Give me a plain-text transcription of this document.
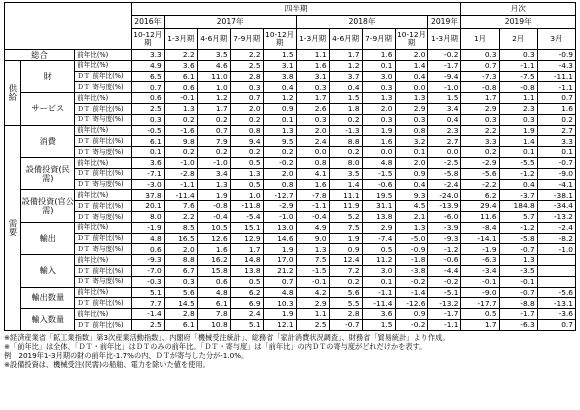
			四半期										月次		
			2016年	2017年				2018年				2019年	2019年		
			10-12月期	1-3月期	4-6月期	7-9月期	10-12月期	1-3月期	4-6月期	7-9月期	10-12月期	1-3月期	1月	2月	3月
総合		前年比(%)	3.3	2.2	3.5	2.2	1.5	1.1	1.7	1.6	2.0	-0.2	0.3	0.3	-0.9
供給	財	前年比(%)	4.9	3.6	4.6	2.5	3.1	1.6	1.2	0.1	1.4	-1.7	0.7	-1.1	-4.3
		ＤＴ 前年比(%)	6.5	6.1	11.0	2.8	3.8	3.1	3.7	3.0	0.4	-9.4	-7.3	-7.5	-11.1
		ＤＴ 寄与度(%)	0.7	0.6	1.0	0.3	0.4	0.3	0.4	0.3	0.0	-1.0	-0.8	-0.8	-1.1
	サービス	前年比(%)	0.6	-0.1	1.2	0.7	1.2	1.7	1.5	1.3	1.3	1.5	1.7	1.1	0.7
		ＤＴ 前年比(%)	2.5	1.3	1.7	2.0	0.9	2.6	1.8	2.0	2.9	3.4	2.9	2.3	1.6
		ＤＴ 寄与度(%)	0.3	0.2	0.2	0.2	0.1	0.3	0.2	0.3	0.3	0.4	0.3	0.3	0.2
需要	消費	前年比(%)	-0.5	-1.6	0.7	0.8	1.3	2.0	-1.3	1.9	0.8	2.3	2.2	1.9	2.7
		ＤＴ 前年比(%)	6.1	9.8	7.9	9.4	9.5	2.4	8.8	1.6	3.2	2.7	3.3	1.4	3.3
		ＤＴ 寄与度(%)	0.1	0.2	0.2	0.2	0.2	0.0	0.2	0.0	0.1	0.0	0.2	0.1	0.1
	設備投資(民需)	前年比(%)	3.6	-1.0	-1.0	0.5	-0.2	0.8	8.0	4.8	2.0	-2.5	-2.9	-5.5	-0.7
		ＤＴ 前年比(%)	-7.1	-2.8	3.4	1.3	2.0	4.1	3.5	-1.5	0.9	-5.8	-5.6	-1.2	-9.0
		ＤＴ 寄与度(%)	-3.0	-1.1	1.3	0.5	0.8	1.6	1.4	-0.6	0.4	-2.4	-2.2	0.4	-4.1
	設備投資(官公需)	前年比(%)	37.8	-11.4	1.9	1.0	-12.7	-7.8	11.1	19.5	9.3	-24.0	6.2	-3.7	-38.1
		ＤＴ 前年比(%)	20.1	7.6	-0.8	-11.8	-2.9	-1.1	11.9	31.1	4.5	-13.9	29.4	184.8	-34.4
		ＤＴ 寄与度(%)	8.0	2.2	-0.4	-5.4	-1.0	-0.4	5.2	13.8	2.1	-6.0	11.6	5.7	-13.2
	輸出	前年比(%)	-1.9	8.5	10.5	15.1	13.0	4.9	7.5	2.9	1.3	-3.9	-8.4	-1.2	-2.4
		ＤＴ 前年比(%)	4.8	16.5	12.6	12.9	14.6	9.0	1.9	-7.4	-5.0	-9.3	-14.1	-5.8	-8.2
		ＤＴ 寄与度(%)	0.6	2.0	1.6	1.7	1.9	1.3	0.9	0.5	-0.9	-1.2	-1.9	-0.7	-1.0
	輸入	前年比(%)	-9.3	8.8	16.2	14.8	17.0	7.5	12.4	11.2	-1.8	-0.6	-6.3	1.3	
		ＤＴ 前年比(%)	-7.0	6.7	15.8	13.8	21.2	-1.5	7.2	3.0	-3.8	-4.4	-3.4	-3.5	
		ＤＴ 寄与度(%)	-0.3	0.3	0.6	0.5	0.7	-0.1	0.2	0.1	-0.2	-0.2	-0.1	-0.1	
	輸出数量	前年比(%)	5.1	5.6	4.8	6.2	4.8	4.2	5.6	-1.1	-1.4	-5.1	-9.0	-0.7	-5.6
		ＤＴ 前年比(%)	7.7	14.5	6.1	6.9	10.3	2.9	5.5	-11.4	-12.6	-13.2	-17.7	-8.8	-13.1
	輸入数量	前年比(%)	-1.4	2.8	7.8	2.4	1.9	1.1	2.8	3.6	0.9	-1.7	0.5	-1.7	-3.6
		ＤＴ 前年比(%)	2.5	6.1	10.8	5.1	12.1	2.5	-0.7	1.5	-0.2	-1.1	1.7	-6.3	0.7
※経済産業省「鉱工業指数」第3次産業活動指数」、内閣府「機械受注統計」、総務省「家計消費状況調査」、財務省「貿易統計」より作成。
※「前年比」は全体、「ＤＴ・前年比」はＤＴのみの前年比。「ＤＴ・寄与度」は「前年比」の内ＤＴの寄与度がどれだけかを表す。
例　2019年1-3月期の財の前年比-1.7%の内、ＤＴが寄与した分が-1.0%。
※設備投資は、機械受注(民需)の船舶、電力を除いた値を使用。
